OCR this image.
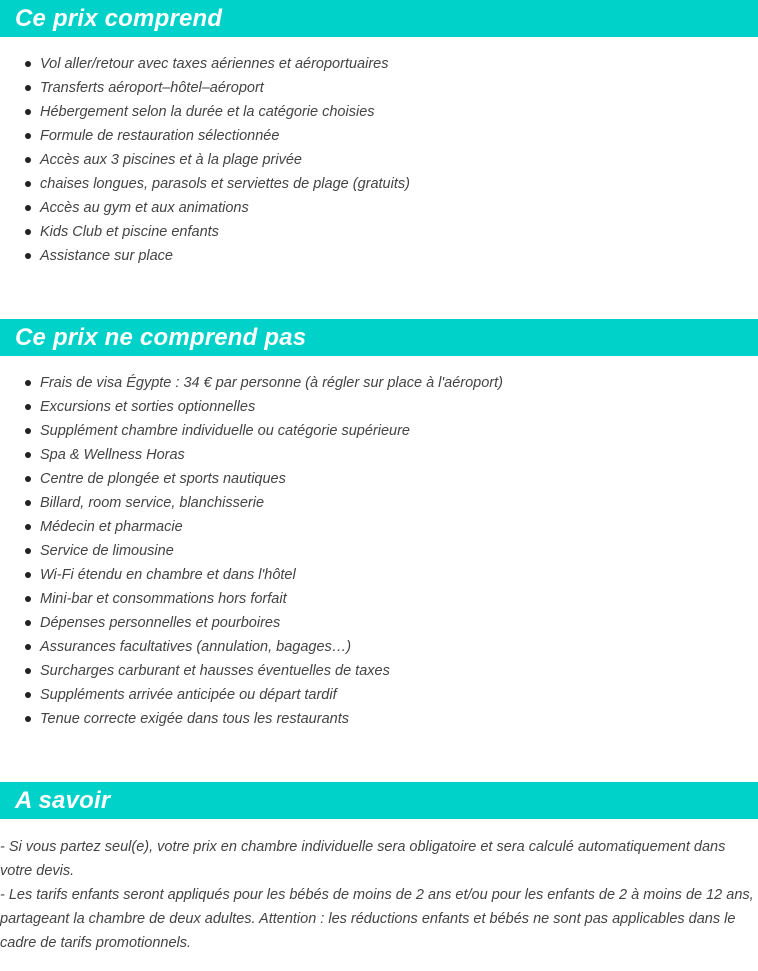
Ce prix comprend
Vol aller/retour avec taxes aériennes et aéroportuaires
Transferts aéroport–hôtel–aéroport
Hébergement selon la durée et la catégorie choisies
Formule de restauration sélectionnée
Accès aux 3 piscines et à la plage privée
chaises longues, parasols et serviettes de plage (gratuits)
Accès au gym et aux animations
Kids Club et piscine enfants
Assistance sur place
Ce prix ne comprend pas
Frais de visa Égypte : 34 € par personne (à régler sur place à l'aéroport)
Excursions et sorties optionnelles
Supplément chambre individuelle ou catégorie supérieure
Spa & Wellness Horas
Centre de plongée et sports nautiques
Billard, room service, blanchisserie
Médecin et pharmacie
Service de limousine
Wi-Fi étendu en chambre et dans l'hôtel
Mini-bar et consommations hors forfait
Dépenses personnelles et pourboires
Assurances facultatives (annulation, bagages…)
Surcharges carburant et hausses éventuelles de taxes
Suppléments arrivée anticipée ou départ tardif
Tenue correcte exigée dans tous les restaurants
A savoir

- Si vous partez seul(e), votre prix en chambre individuelle sera obligatoire et sera calculé automatiquement dans votre devis.

- Les tarifs enfants seront appliqués pour les bébés de moins de 2 ans et/ou pour les enfants de 2 à moins de 12 ans, partageant la chambre de deux adultes. Attention : les réductions enfants et bébés ne sont pas applicables dans le cadre de tarifs promotionnels.
